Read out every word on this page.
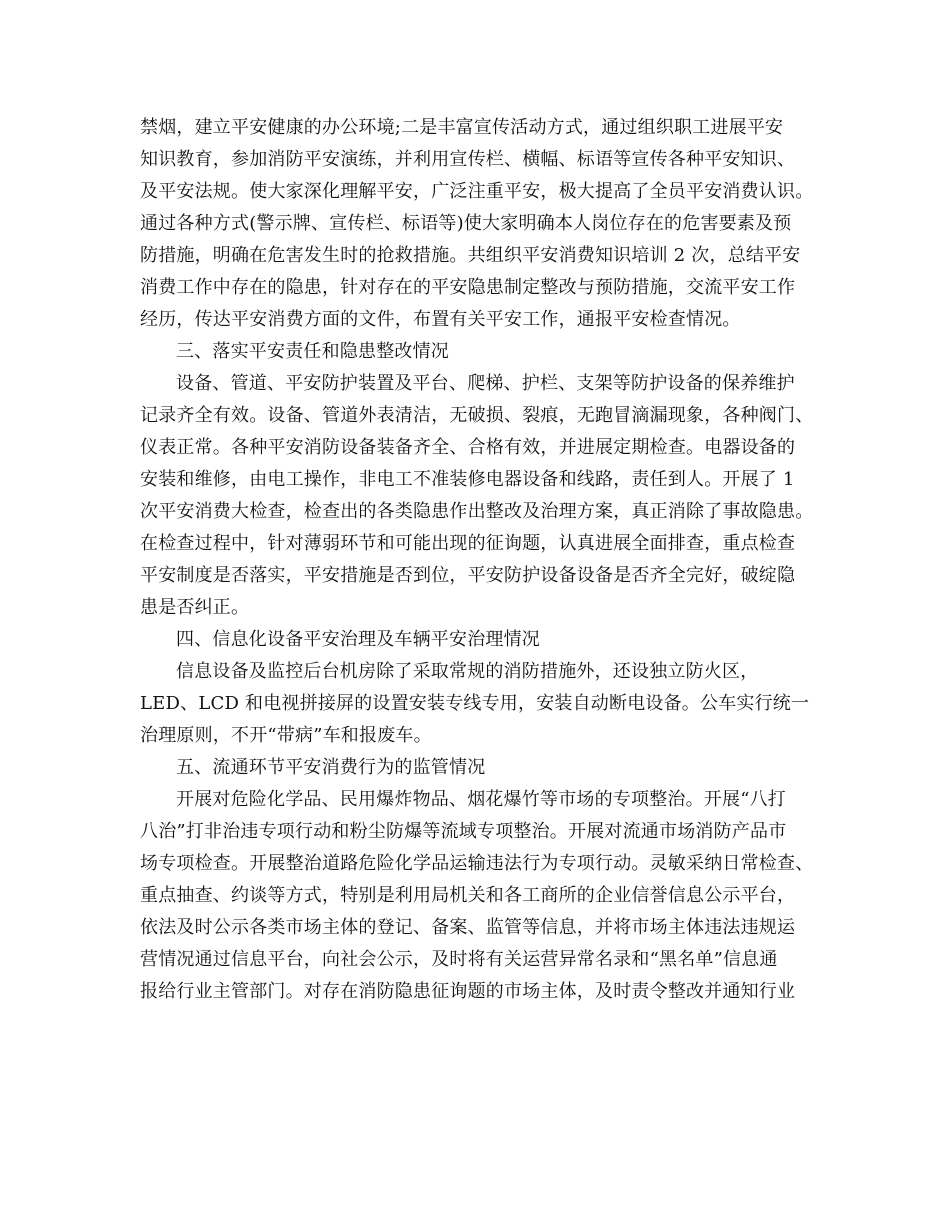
禁烟，建立平安健康的办公环境;二是丰富宣传活动方式，通过组织职工进展平安
知识教育，参加消防平安演练，并利用宣传栏、横幅、标语等宣传各种平安知识、
及平安法规。使大家深化理解平安，广泛注重平安，极大提高了全员平安消费认识。
通过各种方式(警示牌、宣传栏、标语等)使大家明确本人岗位存在的危害要素及预
防措施，明确在危害发生时的抢救措施。共组织平安消费知识培训 2 次，总结平安
消费工作中存在的隐患，针对存在的平安隐患制定整改与预防措施，交流平安工作
经历，传达平安消费方面的文件，布置有关平安工作，通报平安检查情况。
三、落实平安责任和隐患整改情况
设备、管道、平安防护装置及平台、爬梯、护栏、支架等防护设备的保养维护
记录齐全有效。设备、管道外表清洁，无破损、裂痕，无跑冒滴漏现象，各种阀门、
仪表正常。各种平安消防设备装备齐全、合格有效，并进展定期检查。电器设备的
安装和维修，由电工操作，非电工不准装修电器设备和线路，责任到人。开展了 1
次平安消费大检查，检查出的各类隐患作出整改及治理方案，真正消除了事故隐患。
在检查过程中，针对薄弱环节和可能出现的征询题，认真进展全面排查，重点检查
平安制度是否落实，平安措施是否到位，平安防护设备设备是否齐全完好，破绽隐
患是否纠正。
四、信息化设备平安治理及车辆平安治理情况
信息设备及监控后台机房除了采取常规的消防措施外，还设独立防火区，
LED、LCD 和电视拼接屏的设置安装专线专用，安装自动断电设备。公车实行统一
治理原则，不开“带病”车和报废车。
五、流通环节平安消费行为的监管情况
开展对危险化学品、民用爆炸物品、烟花爆竹等市场的专项整治。开展“八打
八治”打非治违专项行动和粉尘防爆等流域专项整治。开展对流通市场消防产品市
场专项检查。开展整治道路危险化学品运输违法行为专项行动。灵敏采纳日常检查、
重点抽查、约谈等方式，特别是利用局机关和各工商所的企业信誉信息公示平台，
依法及时公示各类市场主体的登记、备案、监管等信息，并将市场主体违法违规运
营情况通过信息平台，向社会公示，及时将有关运营异常名录和“黑名单”信息通
报给行业主管部门。对存在消防隐患征询题的市场主体，及时责令整改并通知行业
